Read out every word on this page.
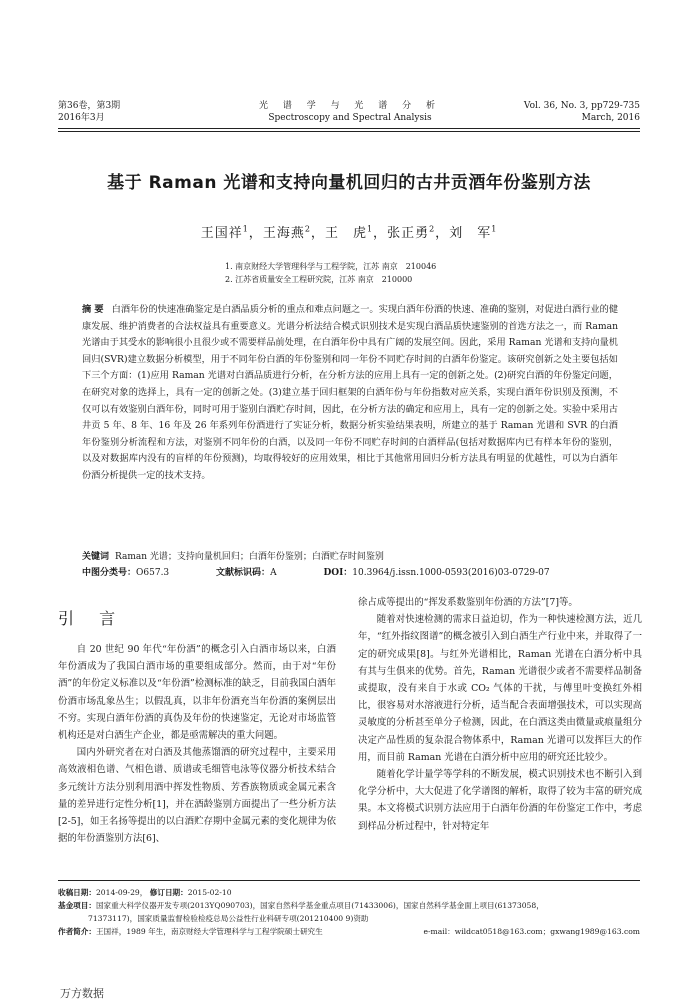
第36卷，第3期
2016年3月
光 谱 学 与 光 谱 分 析
Spectroscopy and Spectral Analysis
Vol. 36, No. 3, pp729-735
March, 2016
基于 Raman 光谱和支持向量机回归的古井贡酒年份鉴别方法
王国祥$^1$，王海燕$^2$，王　虎$^1$，张正勇$^2$，刘　军$^1$
1. 南京财经大学管理科学与工程学院，江苏 南京　210046
2. 江苏省质量安全工程研究院，江苏 南京　210000
摘 要 白酒年份的快速准确鉴定是白酒品质分析的重点和难点问题之一。实现白酒年份酒的快速、准确的鉴别，对促进白酒行业的健康发展、维护消费者的合法权益具有重要意义。光谱分析法结合模式识别技术是实现白酒品质快速鉴别的首选方法之一，而 Raman 光谱由于其受水的影响很小且很少或不需要样品前处理，在白酒年份中具有广阔的发展空间。因此，采用 Raman 光谱和支持向量机回归(SVR)建立数据分析模型，用于不同年份白酒的年份鉴别和同一年份不同贮存时间的白酒年份鉴定。该研究创新之处主要包括如下三个方面：(1)应用 Raman 光谱对白酒品质进行分析，在分析方法的应用上具有一定的创新之处。(2)研究白酒的年份鉴定问题，在研究对象的选择上，具有一定的创新之处。(3)建立基于回归框架的白酒年份与年份指数对应关系，实现白酒年份识别及预测，不仅可以有效鉴别白酒年份，同时可用于鉴别白酒贮存时间，因此，在分析方法的确定和应用上，具有一定的创新之处。实验中采用古井贡 5 年、8 年、16 年及 26 年系列年份酒进行了实证分析，数据分析实验结果表明，所建立的基于 Raman 光谱和 SVR 的白酒年份鉴别分析流程和方法，对鉴别不同年份的白酒，以及同一年份不同贮存时间的白酒样品(包括对数据库内已有样本年份的鉴别，以及对数据库内没有的盲样的年份预测)，均取得较好的应用效果，相比于其他常用回归分析方法具有明显的优越性，可以为白酒年份酒分析提供一定的技术支持。
关键词 Raman 光谱；支持向量机回归；白酒年份鉴别；白酒贮存时间鉴别
中图分类号：O657.3	文献标识码：A	DOI：10.3964/j.issn.1000-0593(2016)03-0729-07
引 言

自 20 世纪 90 年代“年份酒”的概念引入白酒市场以来，白酒年份酒成为了我国白酒市场的重要组成部分。然而，由于对“年份酒”的年份定义标准以及“年份酒”检测标准的缺乏，目前我国白酒年份酒市场乱象丛生；以假乱真，以非年份酒充当年份酒的案例层出不穷。实现白酒年份酒的真伪及年份的快速鉴定，无论对市场监管机构还是对白酒生产企业，都是亟需解决的重大问题。

国内外研究者在对白酒及其他蒸馏酒的研究过程中，主要采用高效液相色谱、气相色谱、质谱或毛细管电泳等仪器分析技术结合多元统计方法分别利用酒中挥发性物质、芳香族物质或金属元素含量的差异进行定性分析[1]，并在酒龄鉴别方面提出了一些分析方法[2-5]，如王名扬等提出的以白酒贮存期中金属元素的变化规律为依据的年份酒鉴别方法[6]、

徐占成等提出的“挥发系数鉴别年份酒的方法”[7]等。

随着对快速检测的需求日益迫切，作为一种快速检测方法，近几年，“红外指纹图谱”的概念被引入到白酒生产行业中来，并取得了一定的研究成果[8]。与红外光谱相比，Raman 光谱在白酒分析中具有其与生俱来的优势。首先，Raman 光谱很少或者不需要样品制备或提取，没有来自于水或 CO₂ 气体的干扰，与傅里叶变换红外相比，很容易对水溶液进行分析，适当配合表面增强技术，可以实现高灵敏度的分析甚至单分子检测，因此，在白酒这类由微量或痕量组分决定产品性质的复杂混合物体系中，Raman 光谱可以发挥巨大的作用，而目前 Raman 光谱在白酒分析中应用的研究还比较少。

随着化学计量学等学科的不断发展，模式识别技术也不断引入到化学分析中，大大促进了化学谱图的解析，取得了较为丰富的研究成果。本文将模式识别方法应用于白酒年份酒的年份鉴定工作中，考虑到样品分析过程中，针对特定年

收稿日期：2014-09-29， 修订日期：2015-02-10
基金项目：国家重大科学仪器开发专项(2013YQ090703)，国家自然科学基金重点项目(71433006)，国家自然科学基金面上项目(61373058，
71373117)，国家质量监督检验检疫总局公益性行业科研专项(201210400 9)资助
作者简介：王国祥，1989 年生，南京财经大学管理科学与工程学院硕士研究生	e-mail：wildcat0518@163.com；gxwang1989@163.com
万方数据
